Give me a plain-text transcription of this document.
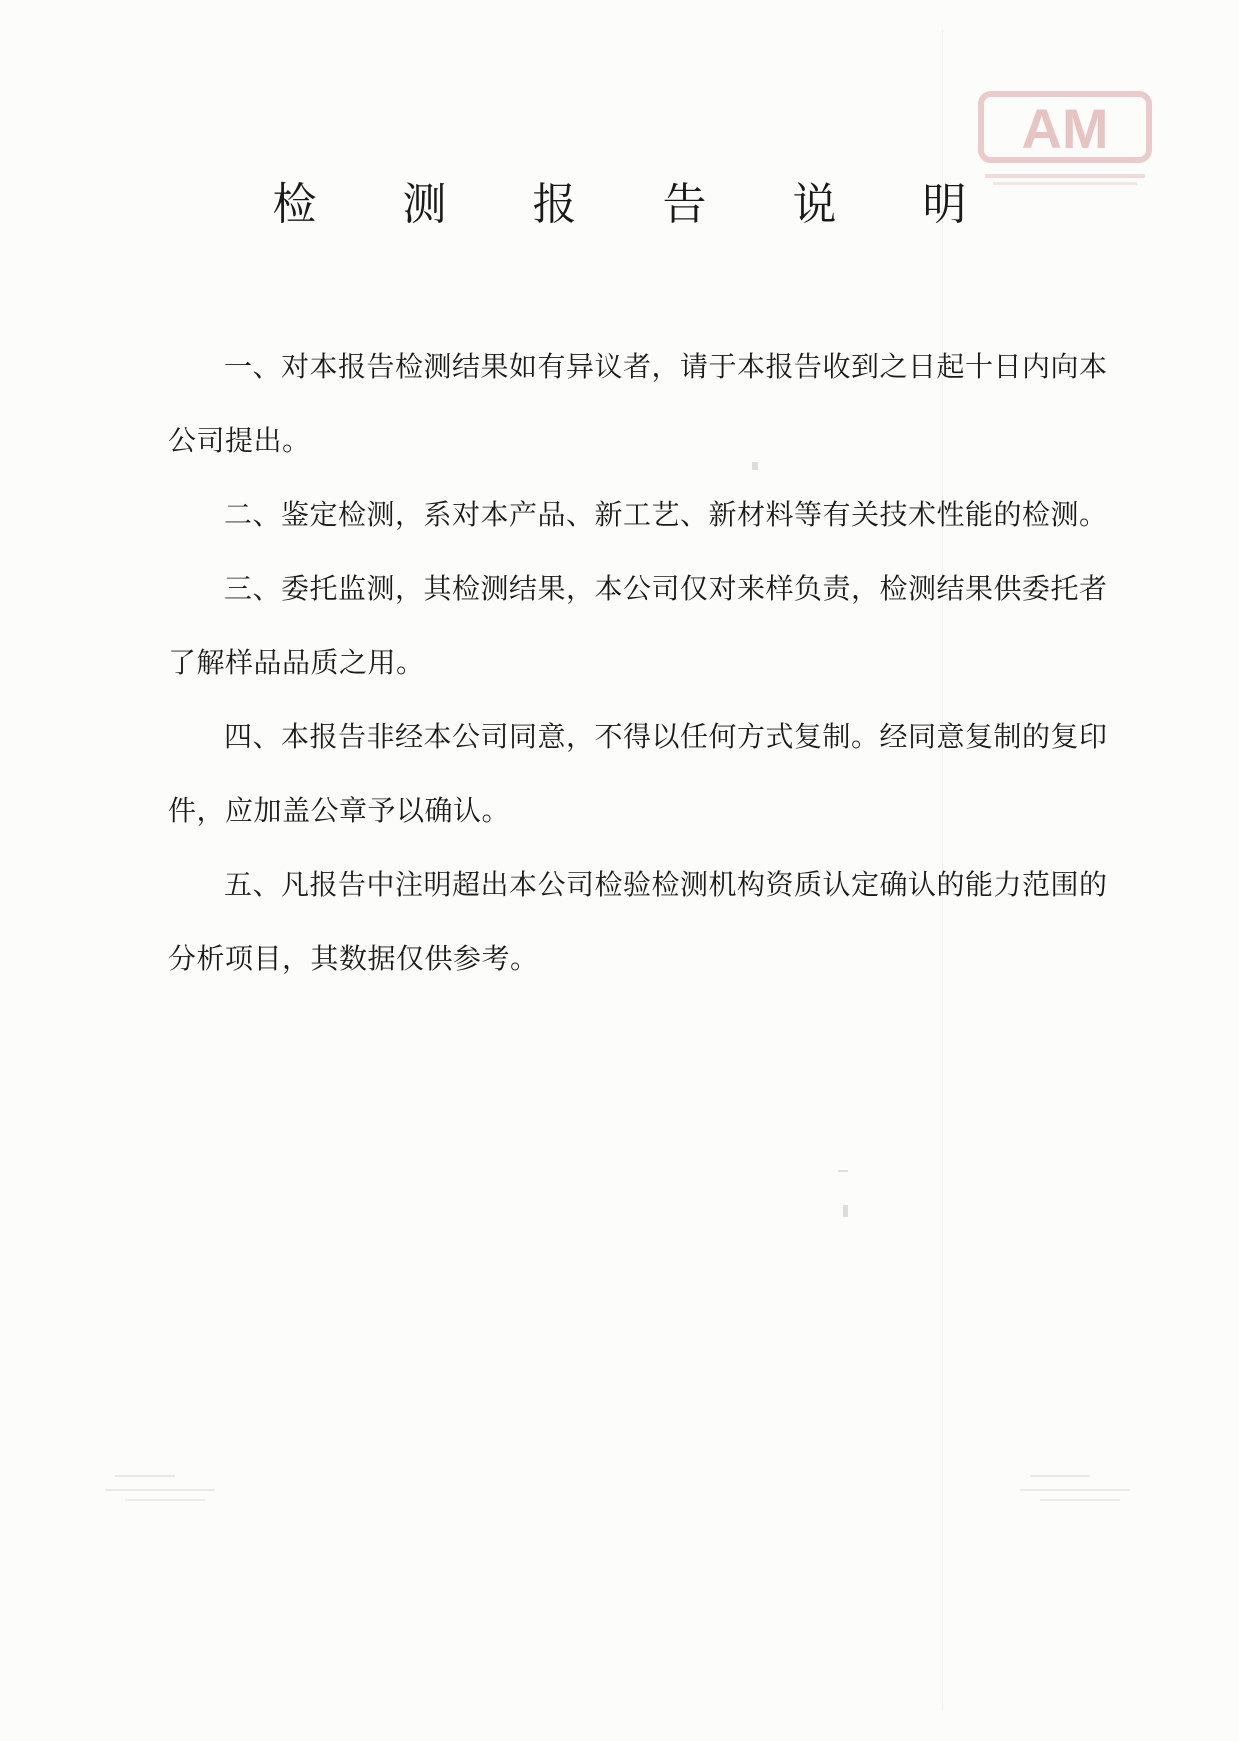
AM
检 测 报 告 说 明

一、对本报告检测结果如有异议者，请于本报告收到之日起十日内向本公司提出。

二、鉴定检测，系对本产品、新工艺、新材料等有关技术性能的检测。

三、委托监测，其检测结果，本公司仅对来样负责，检测结果供委托者了解样品品质之用。

四、本报告非经本公司同意，不得以任何方式复制。经同意复制的复印件，应加盖公章予以确认。

五、凡报告中注明超出本公司检验检测机构资质认定确认的能力范围的分析项目，其数据仅供参考。
